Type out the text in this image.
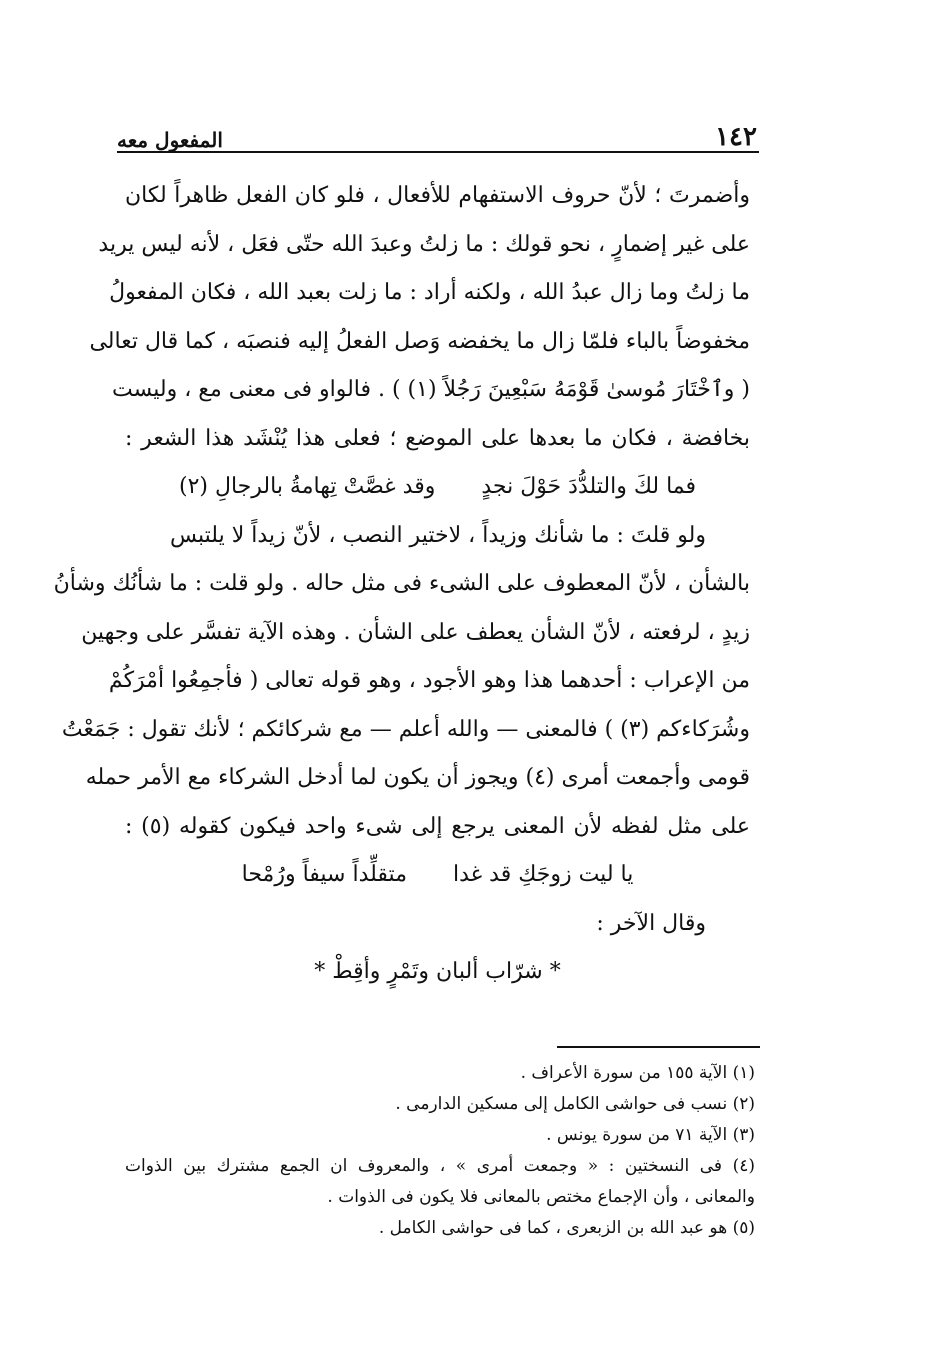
١٤٢
المفعول معه
وأضمرتَ ؛ لأنّ حروف الاستفهام للأفعال ، فلو كان الفعل ظاهراً لكان
على غير إضمارٍ ، نحو قولك : ما زلتُ وعبدَ الله حتّى فعَل ، لأنه ليس يريد
ما زلتُ وما زال عبدُ الله ، ولكنه أراد : ما زلت بعبد الله ، فكان المفعولُ
مخفوضاً بالباء فلمّا زال ما يخفضه وَصل الفعلُ إليه فنصبَه ، كما قال تعالى
( وٱخْتَارَ مُوسىٰ قَوْمَهُ سَبْعِينَ رَجُلاً (١) ) . فالواو فى معنى مع ، وليست
بخافضة ، فكان ما بعدها على الموضع ؛ فعلى هذا يُنْشَد هذا الشعر :
فما لكَ والتلدُّدَ حَوْلَ نجدٍ
وقد غصَّتْ تِهامةُ بالرجالِ (٢)
ولو قلتَ : ما شأنك وزيداً ، لاختير النصب ، لأنّ زيداً لا يلتبس
بالشأن ، لأنّ المعطوف على الشىء فى مثل حاله . ولو قلت : ما شأنُك وشأنُ
زيدٍ ، لرفعته ، لأنّ الشأن يعطف على الشأن . وهذه الآية تفسَّر على وجهين
من الإعراب : أحدهما هذا وهو الأجود ، وهو قوله تعالى ( فأجمِعُوا أمْرَكُمْ
وشُرَكاءكم (٣) ) فالمعنى — والله أعلم — مع شركائكم ؛ لأنك تقول : جَمَعْتُ
قومى وأجمعت أمرى (٤) ويجوز أن يكون لما أدخل الشركاء مع الأمر حمله
على مثل لفظه لأن المعنى يرجع إلى شىء واحد فيكون كقوله (٥) :
يا ليت زوجَكِ قد غدا
متقلِّداً سيفاً ورُمْحا
وقال الآخر :
* شرّاب ألبان وتَمْرٍ وأقِطْ *
(١) الآية ١٥٥ من سورة الأعراف .
(٢) نسب فى حواشى الكامل إلى مسكين الدارمى .
(٣) الآية ٧١ من سورة يونس .
(٤) فى النسختين : « وجمعت أمرى » ، والمعروف ان الجمع مشترك بين الذوات
والمعانى ، وأن الإجماع مختص بالمعانى فلا يكون فى الذوات .
(٥) هو عبد الله بن الزبعرى ، كما فى حواشى الكامل .
